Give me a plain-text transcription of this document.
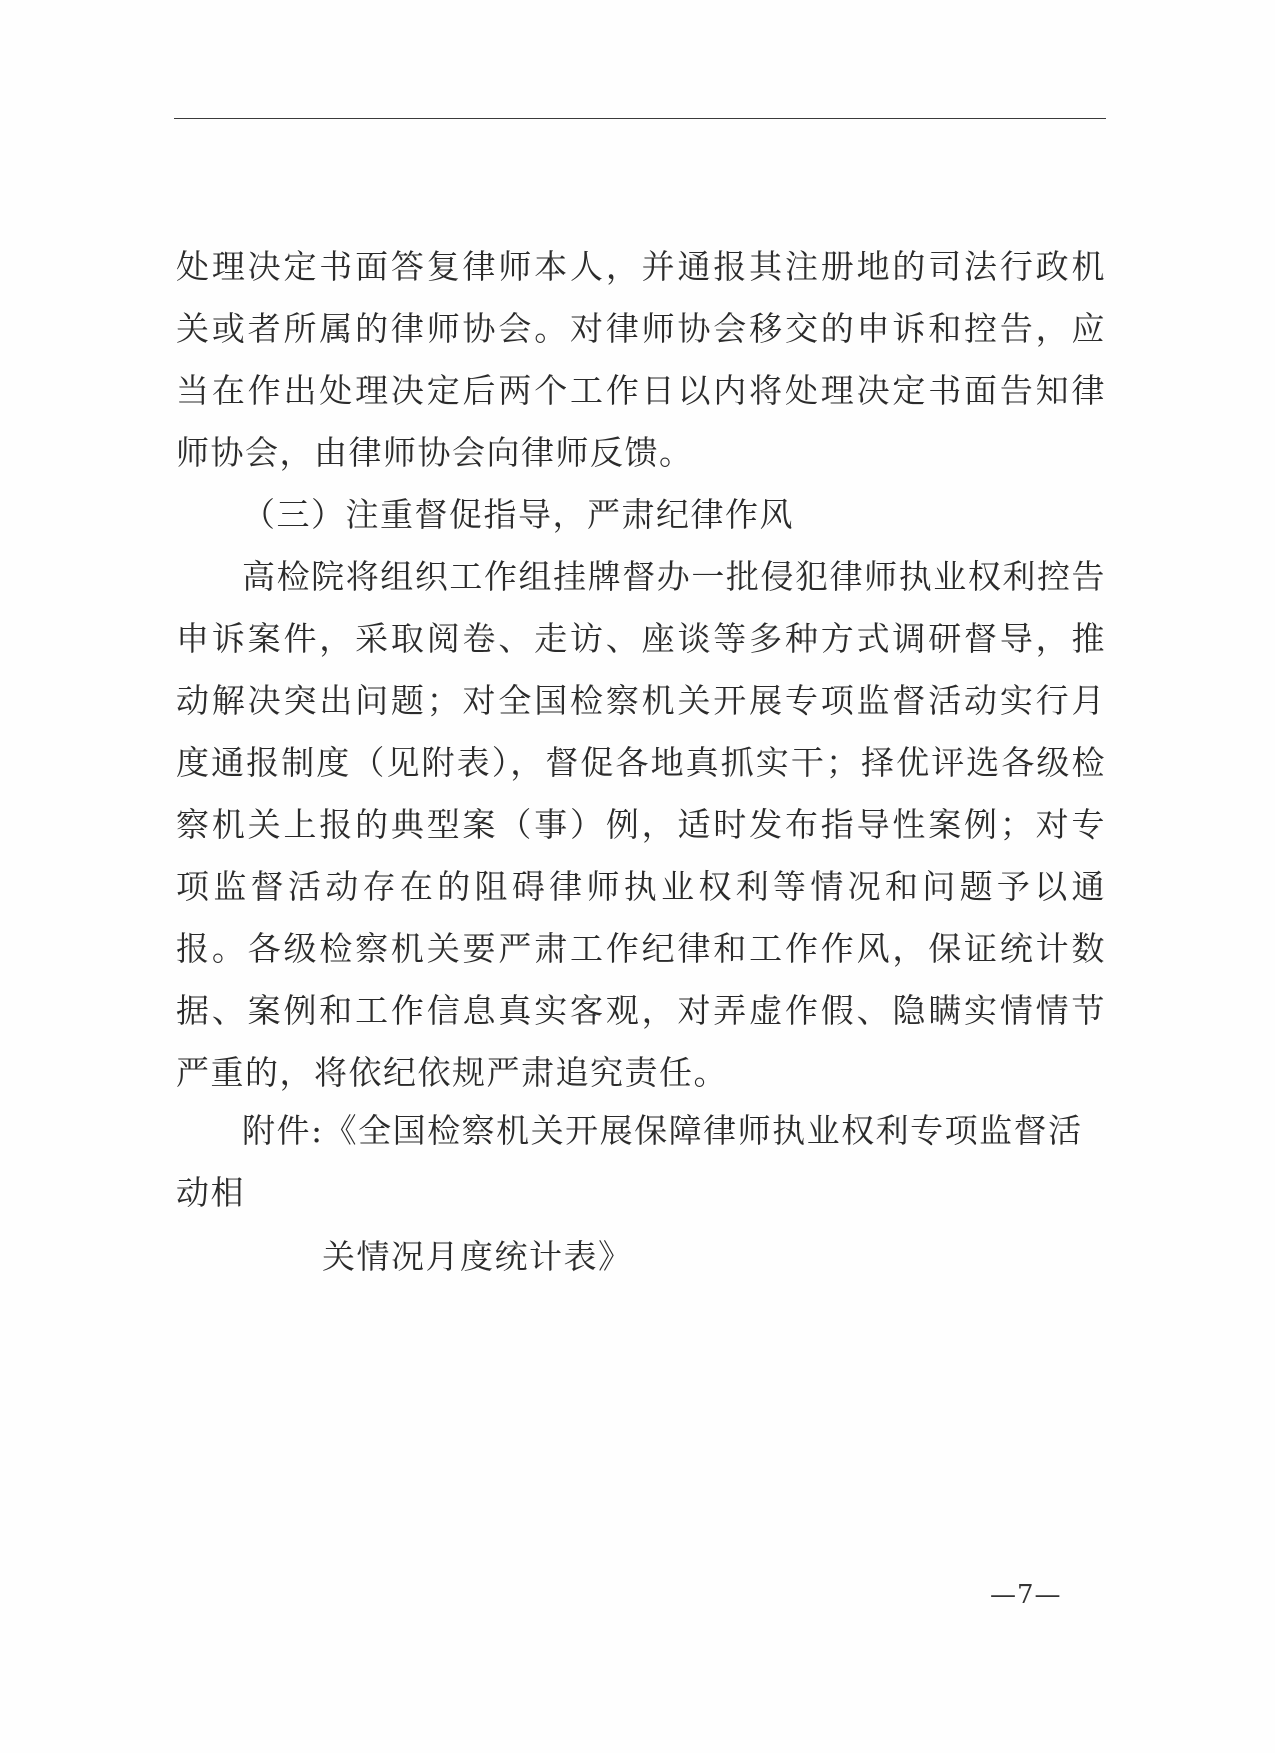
处理决定书面答复律师本人，并通报其注册地的司法行政机关或者所属的律师协会。对律师协会移交的申诉和控告，应当在作出处理决定后两个工作日以内将处理决定书面告知律师协会，由律师协会向律师反馈。

（三）注重督促指导，严肃纪律作风

高检院将组织工作组挂牌督办一批侵犯律师执业权利控告申诉案件，采取阅卷、走访、座谈等多种方式调研督导，推动解决突出问题；对全国检察机关开展专项监督活动实行月度通报制度（见附表），督促各地真抓实干；择优评选各级检察机关上报的典型案（事）例，适时发布指导性案例；对专项监督活动存在的阻碍律师执业权利等情况和问题予以通报。各级检察机关要严肃工作纪律和工作作风，保证统计数据、案例和工作信息真实客观，对弄虚作假、隐瞒实情情节严重的，将依纪依规严肃追究责任。

附件:《全国检察机关开展保障律师执业权利专项监督活动相

关情况月度统计表》

—7—
